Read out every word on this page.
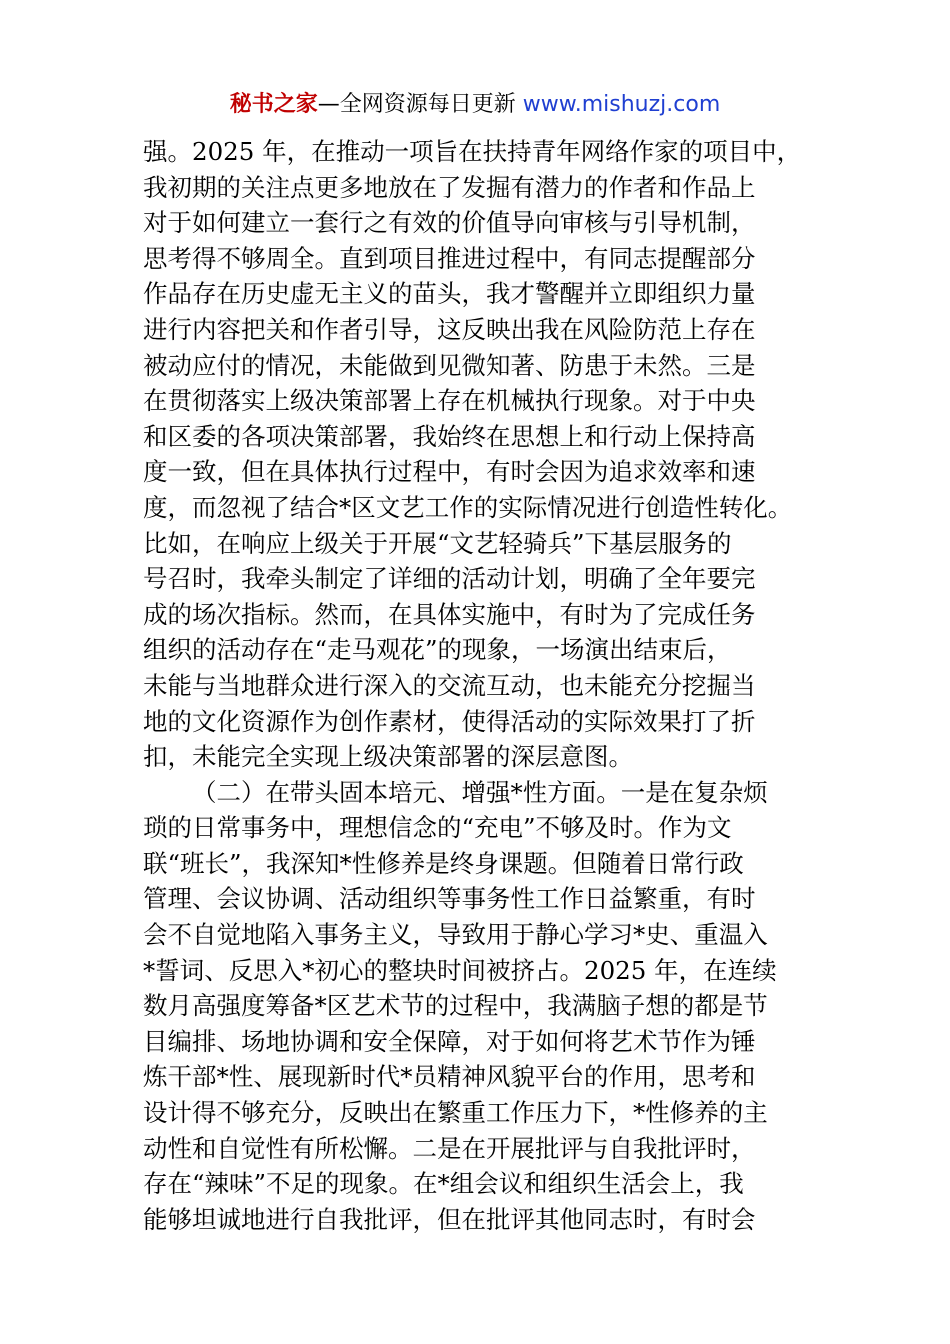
秘书之家—全网资源每日更新 www.mishuzj.com
强。2025 年，在推动一项旨在扶持青年网络作家的项目中，
我初期的关注点更多地放在了发掘有潜力的作者和作品上
对于如何建立一套行之有效的价值导向审核与引导机制，
思考得不够周全。直到项目推进过程中，有同志提醒部分
作品存在历史虚无主义的苗头，我才警醒并立即组织力量
进行内容把关和作者引导，这反映出我在风险防范上存在
被动应付的情况，未能做到见微知著、防患于未然。三是
在贯彻落实上级决策部署上存在机械执行现象。对于中央
和区委的各项决策部署，我始终在思想上和行动上保持高
度一致，但在具体执行过程中，有时会因为追求效率和速
度，而忽视了结合*区文艺工作的实际情况进行创造性转化。
比如，在响应上级关于开展“文艺轻骑兵”下基层服务的
号召时，我牵头制定了详细的活动计划，明确了全年要完
成的场次指标。然而，在具体实施中，有时为了完成任务
组织的活动存在“走马观花”的现象，一场演出结束后，
未能与当地群众进行深入的交流互动，也未能充分挖掘当
地的文化资源作为创作素材，使得活动的实际效果打了折
扣，未能完全实现上级决策部署的深层意图。
（二）在带头固本培元、增强*性方面。一是在复杂烦
琐的日常事务中，理想信念的“充电”不够及时。作为文
联“班长”，我深知*性修养是终身课题。但随着日常行政
管理、会议协调、活动组织等事务性工作日益繁重，有时
会不自觉地陷入事务主义，导致用于静心学习*史、重温入
*誓词、反思入*初心的整块时间被挤占。2025 年，在连续
数月高强度筹备*区艺术节的过程中，我满脑子想的都是节
目编排、场地协调和安全保障，对于如何将艺术节作为锤
炼干部*性、展现新时代*员精神风貌平台的作用，思考和
设计得不够充分，反映出在繁重工作压力下，*性修养的主
动性和自觉性有所松懈。二是在开展批评与自我批评时，
存在“辣味”不足的现象。在*组会议和组织生活会上，我
能够坦诚地进行自我批评，但在批评其他同志时，有时会
